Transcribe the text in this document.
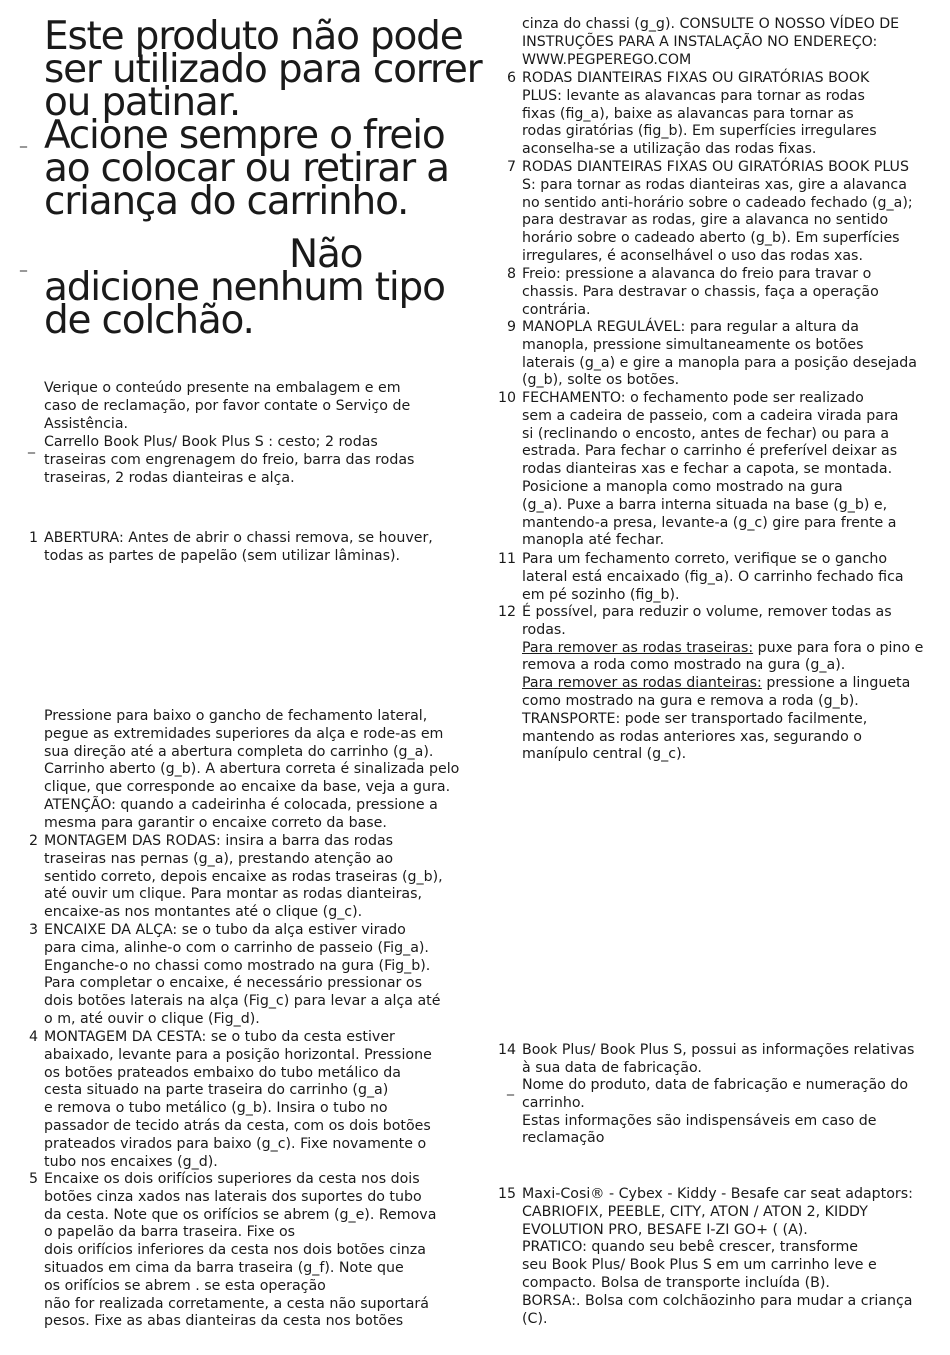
Este produto não pode
ser utilizado para correr
ou patinar.
Acione sempre o freio
ao colocar ou retirar a
criança do carrinho.
_
Não
adicione nenhum tipo
de colchão.
_
Verique o conteúdo presente na embalagem e em
caso de reclamação, por favor contate o Serviço de
Assistência.
_ Carrello Book Plus/ Book Plus S : cesto; 2 rodas
traseiras com engrenagem do freio, barra das rodas
traseiras, 2 rodas dianteiras e alça.
1 ABERTURA: Antes de abrir o chassi remova, se houver,
todas as partes de papelão (sem utilizar lâminas).
Pressione para baixo o gancho de fechamento lateral,
pegue as extremidades superiores da alça e rode-as em
sua direção até a abertura completa do carrinho (g_a).
Carrinho aberto (g_b). A abertura correta é sinalizada pelo
clique, que corresponde ao encaixe da base, veja a gura.
ATENÇÃO: quando a cadeirinha é colocada, pressione a
mesma para garantir o encaixe correto da base.
2 MONTAGEM DAS RODAS: insira a barra das rodas
traseiras nas pernas (g_a), prestando atenção ao
sentido correto, depois encaixe as rodas traseiras (g_b),
até ouvir um clique. Para montar as rodas dianteiras,
encaixe-as nos montantes até o clique (g_c).
3 ENCAIXE DA ALÇA: se o tubo da alça estiver virado
para cima, alinhe-o com o carrinho de passeio (Fig_a).
Enganche-o no chassi como mostrado na gura (Fig_b).
Para completar o encaixe, é necessário pressionar os
dois botões laterais na alça (Fig_c) para levar a alça até
o m, até ouvir o clique (Fig_d).
4 MONTAGEM DA CESTA: se o tubo da cesta estiver
abaixado, levante para a posição horizontal. Pressione
os botões prateados embaixo do tubo metálico da
cesta situado na parte traseira do carrinho (g_a)
e remova o tubo metálico (g_b). Insira o tubo no
passador de tecido atrás da cesta, com os dois botões
prateados virados para baixo (g_c). Fixe novamente o
tubo nos encaixes (g_d).
5 Encaixe os dois orifícios superiores da cesta nos dois
botões cinza xados nas laterais dos suportes do tubo
da cesta. Note que os orifícios se abrem (g_e). Remova
o papelão da barra traseira. Fixe os
dois orifícios inferiores da cesta nos dois botões cinza
situados em cima da barra traseira (g_f). Note que
os orifícios se abrem . se esta operação
não for realizada corretamente, a cesta não suportará
pesos. Fixe as abas dianteiras da cesta nos botões
cinza do chassi (g_g). CONSULTE O NOSSO VÍDEO DE
INSTRUÇÕES PARA A INSTALAÇÃO NO ENDEREÇO:
WWW.PEGPEREGO.COM
6 RODAS DIANTEIRAS FIXAS OU GIRATÓRIAS BOOK
PLUS: levante as alavancas para tornar as rodas
fixas (fig_a), baixe as alavancas para tornar as
rodas giratórias (fig_b). Em superfícies irregulares
aconselha-se a utilização das rodas fixas.
7 RODAS DIANTEIRAS FIXAS OU GIRATÓRIAS BOOK PLUS
S: para tornar as rodas dianteiras xas, gire a alavanca
no sentido anti-horário sobre o cadeado fechado (g_a);
para destravar as rodas, gire a alavanca no sentido
horário sobre o cadeado aberto (g_b). Em superfícies
irregulares, é aconselhável o uso das rodas xas.
8 Freio: pressione a alavanca do freio para travar o
chassis. Para destravar o chassis, faça a operação
contrária.
9 MANOPLA REGULÁVEL: para regular a altura da
manopla, pressione simultaneamente os botões
laterais (g_a) e gire a manopla para a posição desejada
(g_b), solte os botões.
10 FECHAMENTO: o fechamento pode ser realizado
sem a cadeira de passeio, com a cadeira virada para
si (reclinando o encosto, antes de fechar) ou para a
estrada. Para fechar o carrinho é preferível deixar as
rodas dianteiras xas e fechar a capota, se montada.
Posicione a manopla como mostrado na gura
(g_a). Puxe a barra interna situada na base (g_b) e,
mantendo-a presa, levante-a (g_c) gire para frente a
manopla até fechar.
11 Para um fechamento correto, verifique se o gancho
lateral está encaixado (fig_a). O carrinho fechado fica
em pé sozinho (fig_b).
12 É possível, para reduzir o volume, remover todas as
rodas.
Para remover as rodas traseiras: puxe para fora o pino e
remova a roda como mostrado na gura (g_a).
Para remover as rodas dianteiras: pressione a lingueta
como mostrado na gura e remova a roda (g_b).
TRANSPORTE: pode ser transportado facilmente,
mantendo as rodas anteriores xas, segurando o
manípulo central (g_c).
14 Book Plus/ Book Plus S, possui as informações relativas
à sua data de fabricação.
_ Nome do produto, data de fabricação e numeração do
carrinho.
Estas informações são indispensáveis em caso de
reclamação
15 Maxi-Cosi® - Cybex - Kiddy - Besafe car seat adaptors:
CABRIOFIX, PEEBLE, CITY, ATON / ATON 2, KIDDY
EVOLUTION PRO, BESAFE I-ZI GO+ ( (A).
PRATICO: quando seu bebê crescer, transforme
seu Book Plus/ Book Plus S em um carrinho leve e
compacto. Bolsa de transporte incluída (B).
BORSA:. Bolsa com colchãozinho para mudar a criança
(C).
